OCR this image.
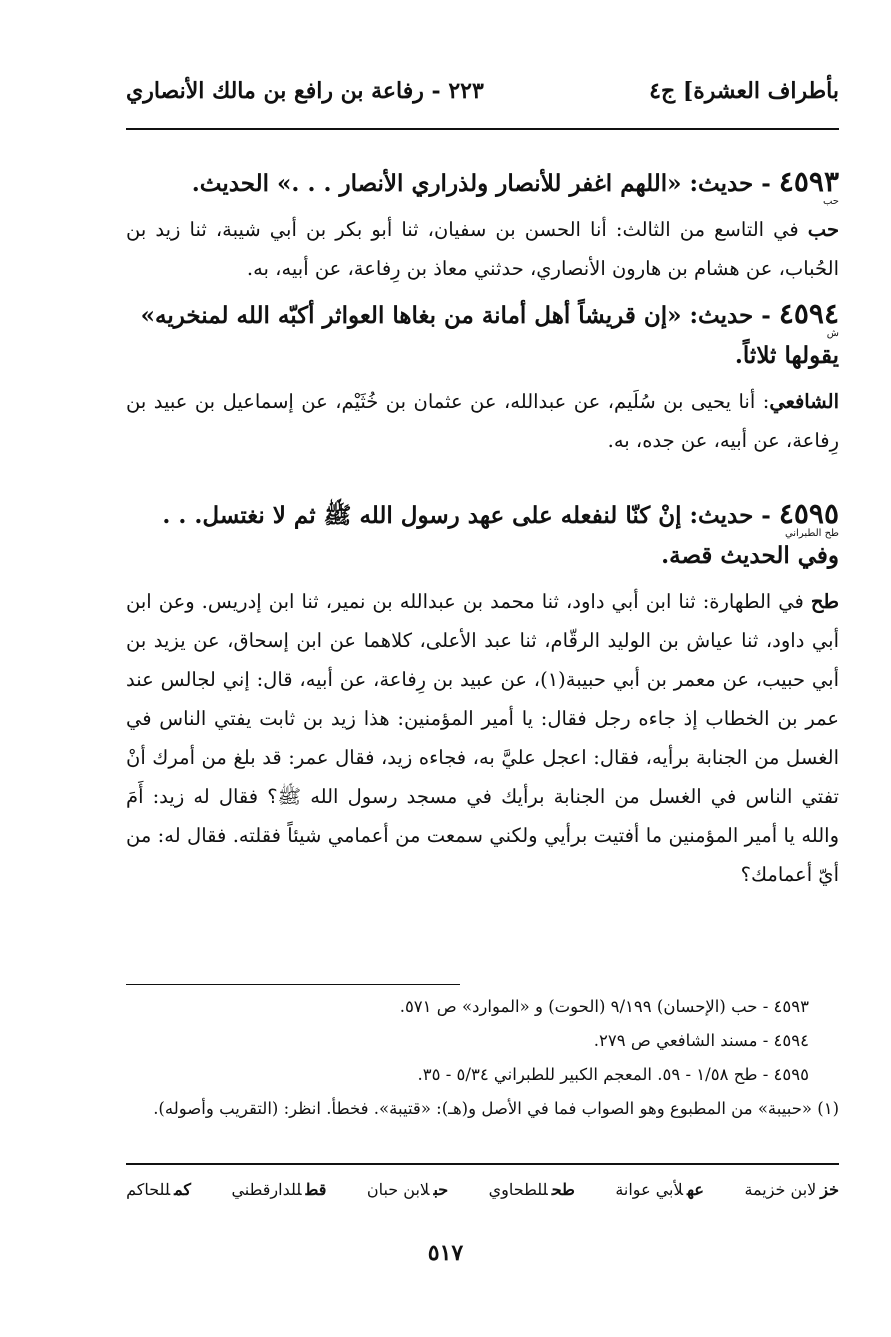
بأطراف العشرة] ج٤
٢٢٣ - رفاعة بن رافع بن مالك الأنصاري
٤٥٩٣ - حديث: «اللهم اغفر للأنصار ولذراري الأنصار . . .» الحديث.
حب

حب في التاسع من الثالث: أنا الحسن بن سفيان، ثنا أبو بكر بن أبي شيبة، ثنا زيد بن الحُباب، عن هشام بن هارون الأنصاري، حدثني معاذ بن رِفاعة، عن أبيه، به.

٤٥٩٤ - حديث: «إن قريشاً أهل أمانة من بغاها العواثر أكبّه الله لمنخريه» يقولها ثلاثاً.
ش

الشافعي: أنا يحيى بن سُلَيم، عن عبدالله، عن عثمان بن خُثَيْم، عن إسماعيل بن عبيد بن رِفاعة، عن أبيه، عن جده، به.

٤٥٩٥ - حديث: إنْ كنّا لنفعله على عهد رسول الله ﷺ ثم لا نغتسل. . . وفي الحديث قصة.
طح الطبراني

طح في الطهارة: ثنا ابن أبي داود، ثنا محمد بن عبدالله بن نمير، ثنا ابن إدريس. وعن ابن أبي داود، ثنا عياش بن الوليد الرقّام، ثنا عبد الأعلى، كلاهما عن ابن إسحاق، عن يزيد بن أبي حبيب، عن معمر بن أبي حبيبة(١)، عن عبيد بن رِفاعة، عن أبيه، قال: إني لجالس عند عمر بن الخطاب إذ جاءه رجل فقال: يا أمير المؤمنين: هذا زيد بن ثابت يفتي الناس في الغسل من الجنابة برأيه، فقال: اعجل عليَّ به، فجاءه زيد، فقال عمر: قد بلغ من أمرك أنْ تفتي الناس في الغسل من الجنابة برأيك في مسجد رسول الله ﷺ؟ فقال له زيد: أَمَ والله يا أمير المؤمنين ما أفتيت برأيي ولكني سمعت من أعمامي شيئاً فقلته. فقال له: من أيّ أعمامك؟

٤٥٩٣ - حب (الإحسان) ٩/١٩٩ (الحوت) و «الموارد» ص ٥٧١.

٤٥٩٤ - مسند الشافعي ص ٢٧٩.

٤٥٩٥ - طح ١/٥٨ - ٥٩. المعجم الكبير للطبراني ٥/٣٤ - ٣٥.

(١) «حبيبة» من المطبوع وهو الصواب فما في الأصل و(هـ): «قتيبة». فخطأ. انظر: (التقريب وأصوله).

خزلابن خزيمة
عهلأبي عوانة
طحللطحاوي
حبلابن حبان
قطللدارقطني
كمللحاكم
٥١٧
